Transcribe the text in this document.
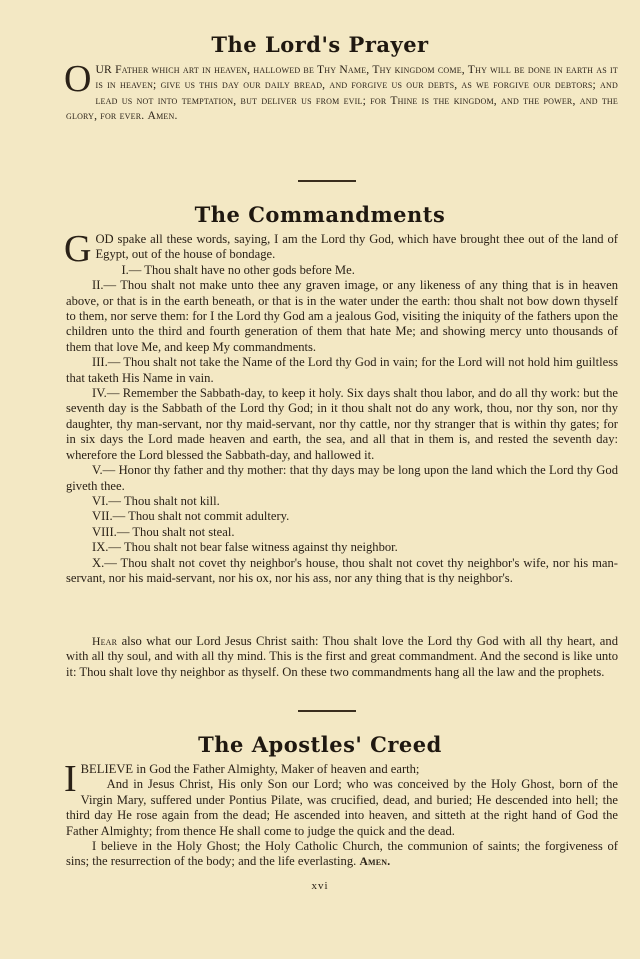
The Lord's Prayer

OUR Father which art in heaven, hallowed be Thy Name, Thy kingdom come, Thy will be done in earth as it is in heaven; give us this day our daily bread, and forgive us our debts, as we forgive our debtors; and lead us not into temptation, but deliver us from evil; for Thine is the kingdom, and the power, and the glory, for ever. Amen.

The Commandments

GOD spake all these words, saying, I am the Lord thy God, which have brought thee out of the land of Egypt, out of the house of bondage.

I.— Thou shalt have no other gods before Me.

II.— Thou shalt not make unto thee any graven image, or any likeness of any thing that is in heaven above, or that is in the earth beneath, or that is in the water under the earth: thou shalt not bow down thyself to them, nor serve them: for I the Lord thy God am a jealous God, visiting the iniquity of the fathers upon the children unto the third and fourth generation of them that hate Me; and showing mercy unto thousands of them that love Me, and keep My commandments.

III.— Thou shalt not take the Name of the Lord thy God in vain; for the Lord will not hold him guiltless that taketh His Name in vain.

IV.— Remember the Sabbath-day, to keep it holy. Six days shalt thou labor, and do all thy work: but the seventh day is the Sabbath of the Lord thy God; in it thou shalt not do any work, thou, nor thy son, nor thy daughter, thy man-servant, nor thy maid-servant, nor thy cattle, nor thy stranger that is within thy gates; for in six days the Lord made heaven and earth, the sea, and all that in them is, and rested the seventh day: wherefore the Lord blessed the Sabbath-day, and hallowed it.

V.— Honor thy father and thy mother: that thy days may be long upon the land which the Lord thy God giveth thee.

VI.— Thou shalt not kill.

VII.— Thou shalt not commit adultery.

VIII.— Thou shalt not steal.

IX.— Thou shalt not bear false witness against thy neighbor.

X.— Thou shalt not covet thy neighbor's house, thou shalt not covet thy neighbor's wife, nor his man-servant, nor his maid-servant, nor his ox, nor his ass, nor any thing that is thy neighbor's.

Hear also what our Lord Jesus Christ saith: Thou shalt love the Lord thy God with all thy heart, and with all thy soul, and with all thy mind. This is the first and great commandment. And the second is like unto it: Thou shalt love thy neighbor as thyself. On these two commandments hang all the law and the prophets.

The Apostles' Creed

IBELIEVE in God the Father Almighty, Maker of heaven and earth;

And in Jesus Christ, His only Son our Lord; who was conceived by the Holy Ghost, born of the Virgin Mary, suffered under Pontius Pilate, was crucified, dead, and buried; He descended into hell; the third day He rose again from the dead; He ascended into heaven, and sitteth at the right hand of God the Father Almighty; from thence He shall come to judge the quick and the dead.

I believe in the Holy Ghost; the Holy Catholic Church, the communion of saints; the forgiveness of sins; the resurrection of the body; and the life everlasting. Amen.

xvi
